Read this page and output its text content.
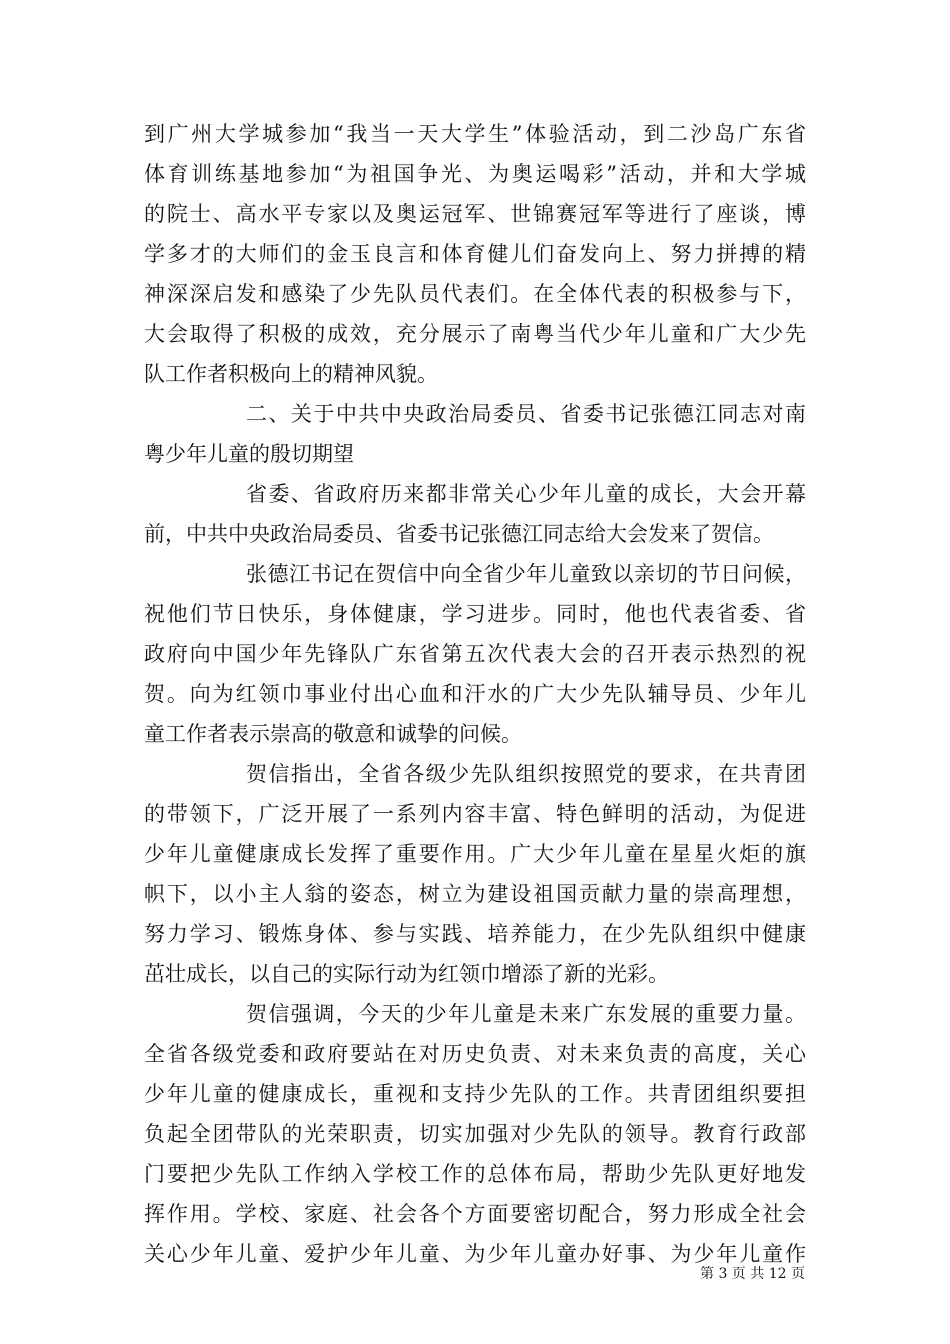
到广州大学城参加“我当一天大学生”体验活动，到二沙岛广东省
体育训练基地参加“为祖国争光、为奥运喝彩”活动，并和大学城
的院士、高水平专家以及奥运冠军、世锦赛冠军等进行了座谈，博
学多才的大师们的金玉良言和体育健儿们奋发向上、努力拼搏的精
神深深启发和感染了少先队员代表们。在全体代表的积极参与下，
大会取得了积极的成效，充分展示了南粤当代少年儿童和广大少先
队工作者积极向上的精神风貌。
二、关于中共中央政治局委员、省委书记张德江同志对南
粤少年儿童的殷切期望
省委、省政府历来都非常关心少年儿童的成长，大会开幕
前，中共中央政治局委员、省委书记张德江同志给大会发来了贺信。
张德江书记在贺信中向全省少年儿童致以亲切的节日问候，
祝他们节日快乐，身体健康，学习进步。同时，他也代表省委、省
政府向中国少年先锋队广东省第五次代表大会的召开表示热烈的祝
贺。向为红领巾事业付出心血和汗水的广大少先队辅导员、少年儿
童工作者表示崇高的敬意和诚挚的问候。
贺信指出，全省各级少先队组织按照党的要求，在共青团
的带领下，广泛开展了一系列内容丰富、特色鲜明的活动，为促进
少年儿童健康成长发挥了重要作用。广大少年儿童在星星火炬的旗
帜下，以小主人翁的姿态，树立为建设祖国贡献力量的崇高理想，
努力学习、锻炼身体、参与实践、培养能力，在少先队组织中健康
茁壮成长，以自己的实际行动为红领巾增添了新的光彩。
贺信强调，今天的少年儿童是未来广东发展的重要力量。
全省各级党委和政府要站在对历史负责、对未来负责的高度，关心
少年儿童的健康成长，重视和支持少先队的工作。共青团组织要担
负起全团带队的光荣职责，切实加强对少先队的领导。教育行政部
门要把少先队工作纳入学校工作的总体布局，帮助少先队更好地发
挥作用。学校、家庭、社会各个方面要密切配合，努力形成全社会
关心少年儿童、爱护少年儿童、为少年儿童办好事、为少年儿童作
第 3 页 共 12 页
